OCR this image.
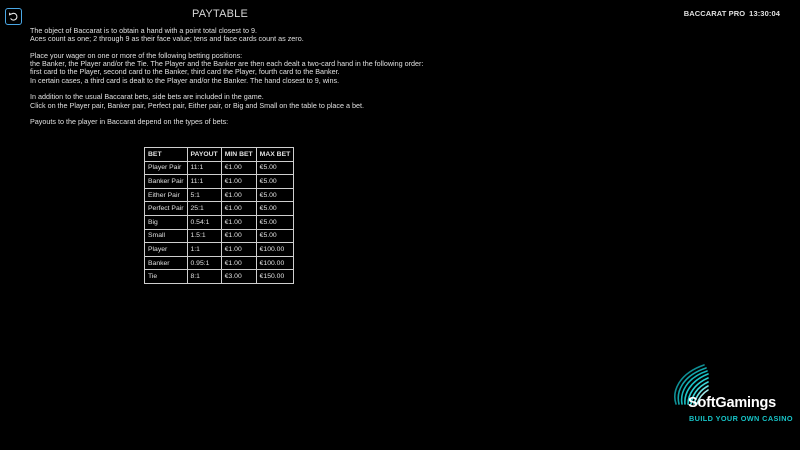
PAYTABLE	BACCARAT PRO 13:30:04

The object of Baccarat is to obtain a hand with a point total closest to 9.
Aces count as one; 2 through 9 as their face value; tens and face cards count as zero.

Place your wager on one or more of the following betting positions:
the Banker, the Player and/or the Tie. The Player and the Banker are then each dealt a two-card hand in the following order:
first card to the Player, second card to the Banker, third card the Player, fourth card to the Banker.
In certain cases, a third card is dealt to the Player and/or the Banker. The hand closest to 9, wins.

In addition to the usual Baccarat bets, side bets are included in the game.
Click on the Player pair, Banker pair, Perfect pair, Either pair, or Big and Small on the table to place a bet.

Payouts to the player in Baccarat depend on the types of bets:

BET	PAYOUT	MIN BET	MAX BET
Player Pair	11:1	€1.00	€5.00
Banker Pair	11:1	€1.00	€5.00
Either Pair	5:1	€1.00	€5.00
Perfect Pair	25:1	€1.00	€5.00
Big	0.54:1	€1.00	€5.00
Small	1.5:1	€1.00	€5.00
Player	1:1	€1.00	€100.00
Banker	0.95:1	€1.00	€100.00
Tie	8:1	€3.00	€150.00
SoftGamings
BUILD YOUR OWN CASINO
